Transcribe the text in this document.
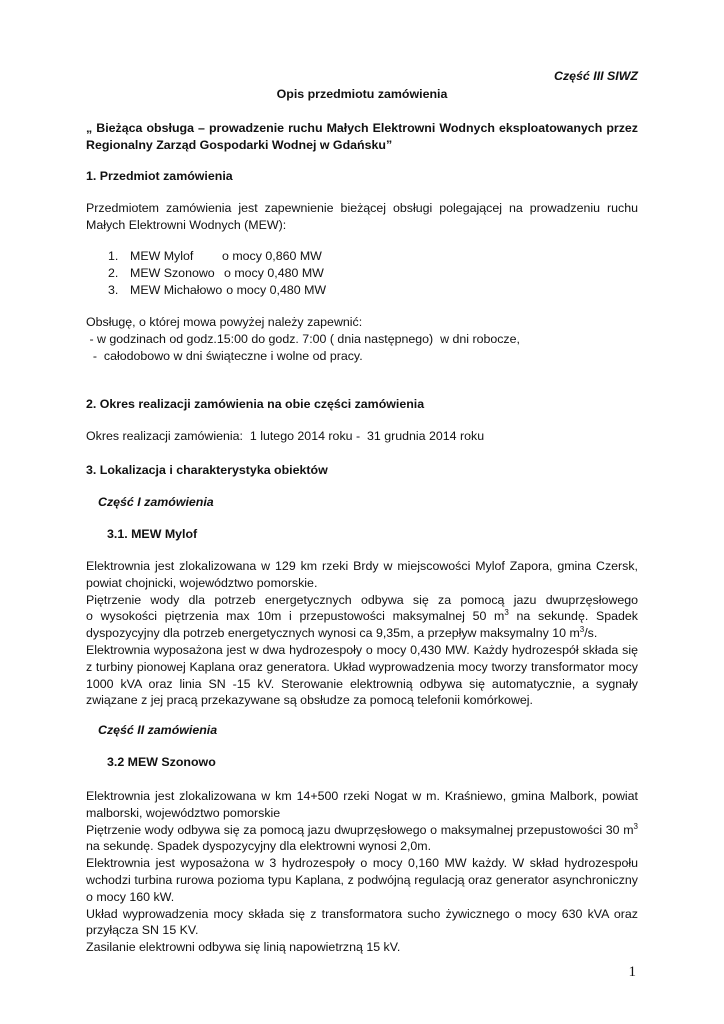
Część III SIWZ
Opis przedmiotu zamówienia
„ Bieżąca obsługa – prowadzenie ruchu Małych Elektrowni Wodnych eksploatowanych przez
Regionalny Zarząd Gospodarki Wodnej w Gdańsku”
1. Przedmiot zamówienia
Przedmiotem zamówienia jest zapewnienie bieżącej obsługi polegającej na prowadzeniu ruchu
Małych Elektrowni Wodnych (MEW):
1. MEW Mylof o mocy 0,860 MW
2. MEW Szonowo o mocy 0,480 MW
3. MEW Michałowo o mocy 0,480 MW
Obsługę, o której mowa powyżej należy zapewnić:
- w godzinach od godz.15:00 do godz. 7:00 ( dnia następnego)  w dni robocze,
-  całodobowo w dni świąteczne i wolne od pracy.
2. Okres realizacji zamówienia na obie części zamówienia
Okres realizacji zamówienia:  1 lutego 2014 roku -  31 grudnia 2014 roku
3. Lokalizacja i charakterystyka obiektów
Część I zamówienia
3.1. MEW Mylof
Elektrownia jest zlokalizowana w 129 km rzeki Brdy w miejscowości Mylof Zapora, gmina Czersk,
powiat chojnicki, województwo pomorskie.
Piętrzenie wody dla potrzeb energetycznych odbywa się za pomocą jazu dwuprzęsłowego
o wysokości piętrzenia max 10m i przepustowości maksymalnej 50 $m^3$ na sekundę. Spadek
dyspozycyjny dla potrzeb energetycznych wynosi ca 9,35m, a przepływ maksymalny 10 $m^3/s$.
Elektrownia wyposażona jest w dwa hydrozespoły o mocy 0,430 MW. Każdy hydrozespół składa się
z turbiny pionowej Kaplana oraz generatora. Układ wyprowadzenia mocy tworzy transformator mocy
1000 kVA oraz linia SN -15 kV. Sterowanie elektrownią odbywa się automatycznie, a sygnały
związane z jej pracą przekazywane są obsłudze za pomocą telefonii komórkowej.
Część II zamówienia
3.2 MEW Szonowo
Elektrownia jest zlokalizowana w km 14+500 rzeki Nogat w m. Kraśniewo, gmina Malbork, powiat
malborski, województwo pomorskie
Piętrzenie wody odbywa się za pomocą jazu dwuprzęsłowego o maksymalnej przepustowości 30 $m^3$
na sekundę. Spadek dyspozycyjny dla elektrowni wynosi 2,0m.
Elektrownia jest wyposażona w 3 hydrozespoły o mocy 0,160 MW każdy. W skład hydrozespołu
wchodzi turbina rurowa pozioma typu Kaplana, z podwójną regulacją oraz generator asynchroniczny
o mocy 160 kW.
Układ wyprowadzenia mocy składa się z transformatora sucho żywicznego o mocy 630 kVA oraz
przyłącza SN 15 KV.
Zasilanie elektrowni odbywa się linią napowietrzną 15 kV.
1
